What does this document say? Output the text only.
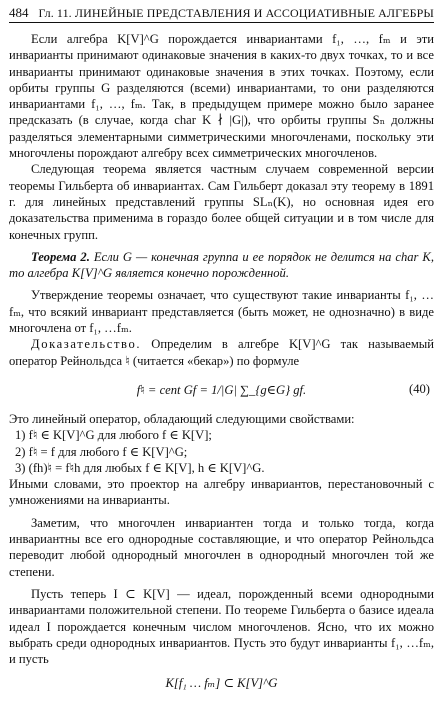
484 Гл. 11. ЛИНЕЙНЫЕ ПРЕДСТАВЛЕНИЯ И АССОЦИАТИВНЫЕ АЛГЕБРЫ

Если алгебра K[V]^G порождается инвариантами f₁, …, fₘ и эти инварианты принимают одинаковые значения в каких-то двух точках, то и все инварианты принимают одинаковые значения в этих точках. Поэтому, если орбиты группы G разделяются (всеми) инвариантами, то они разделяются инвариантами f₁, …, fₘ. Так, в предыдущем примере можно было заранее предсказать (в случае, когда char K ∤ |G|), что орбиты группы Sₙ должны разделяться элементарными симметрическими многочленами, поскольку эти многочлены порождают алгебру всех симметрических многочленов.

Следующая теорема является частным случаем современной версии теоремы Гильберта об инвариантах. Сам Гильберт доказал эту теорему в 1891 г. для линейных представлений группы SLₙ(K), но основная идея его доказательства применима в гораздо более общей ситуации и в том числе для конечных групп.

Теорема 2. Если G — конечная группа и ее порядок не делится на char K, то алгебра K[V]^G является конечно порожденной.

Утверждение теоремы означает, что существуют такие инварианты f₁, …fₘ, что всякий инвариант представляется (быть может, не однозначно) в виде многочлена от f₁, …fₘ.

Доказательство. Определим в алгебре K[V]^G так называемый оператор Рейнольдса ♮ (читается «бекар») по формуле

f♮ = cent Gf = 1/|G| ∑_{g∈G} gf.	(40)

Это линейный оператор, обладающий следующими свойствами:

1) f♮ ∈ K[V]^G для любого f ∈ K[V];

2) f♮ = f для любого f ∈ K[V]^G;

3) (fh)♮ = f♮h для любых f ∈ K[V], h ∈ K[V]^G.

Иными словами, это проектор на алгебру инвариантов, перестановочный с умножениями на инварианты.

Заметим, что многочлен инвариантен тогда и только тогда, когда инвариантны все его однородные составляющие, и что оператор Рейнольдса переводит любой однородный многочлен в однородный многочлен той же степени.

Пусть теперь I ⊂ K[V] — идеал, порожденный всеми однородными инвариантами положительной степени. По теореме Гильберта о базисе идеала идеал I порождается конечным числом многочленов. Ясно, что их можно выбрать среди однородных инвариантов. Пусть это будут инварианты f₁, …fₘ, и пусть

K[f₁ … fₘ] ⊂ K[V]^G
